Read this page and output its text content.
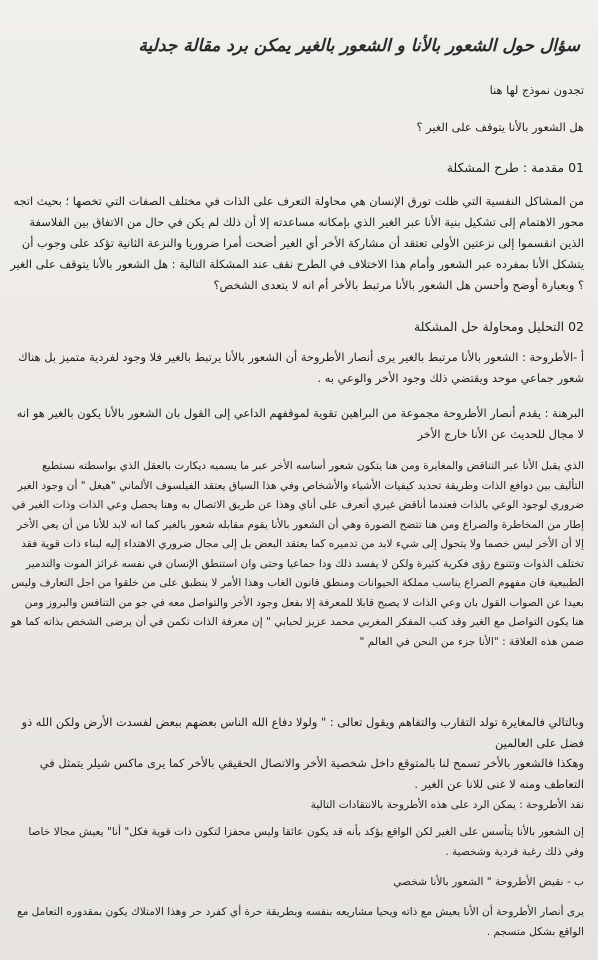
سؤال حول الشعور بالأنا و الشعور بالغير يمكن برد مقالة جدلية

تجدون نموذج لها هنا

هل الشعور بالأنا يتوقف على الغير ؟

01 مقدمة : طرح المشكلة

من المشاكل النفسية التي ظلت تورق الإنسان هي محاولة التعرف على الذات في مختلف الصفات التي تخصها ؛ بحيث اتجه محور الاهتمام إلى تشكيل بنية الأنا عبر الغير الذي بإمكانه مساعدته إلا أن ذلك لم يكن في حال من الاتفاق بين الفلاسفة الذين انقسموا إلى نزعتين الأولى تعتقد أن مشاركة الأخر أي الغير أضحت أمرا ضروريا والنزعة الثانية تؤكد على وجوب أن يتشكل الأنا بمفرده عبر الشعور وأمام هذا الاختلاف في الطرح نقف عند المشكلة التالية : هل الشعور بالأنا يتوقف على الغير ؟ وبعبارة أوضح وأحسن هل الشعور بالأنا مرتبط بالأخر أم انه لا يتعدى الشخص؟

02 التحليل ومحاولة حل المشكلة

أ -الأطروحة : الشعور بالأنا مرتبط بالغير يرى أنصار الأطروحة أن الشعور بالأنا يرتبط بالغير فلا وجود لفردية متميز بل هناك شعور جماعي موحد ويقتضي ذلك وجود الأخر والوعي به .

البرهنة : يقدم أنصار الأطروحة مجموعة من البراهين تقوية لموقفهم الداعي إلى القول بان الشعور بالأنا يكون بالغير هو انه لا مجال للحديث عن الأنا خارج الأخر

الذي يقبل الأنا عبر التناقض والمغايرة ومن هنا يتكون شعور أساسه الأخر عبر ما يسميه ديكارت بالعقل الذي بواسطته نستطيع التأليف بين دوافع الذات وطريقة تحديد كيفيات الأشياء والأشخاص وفي هذا السياق يعتقد الفيلسوف الألماني "هيغل " أن وجود الغير ضروري لوجود الوعي بالذات فعندما أناقض غيري أتعرف على أناي وهذا عن طريق الاتصال به وهنا يحصل وعي الذات وذات الغير في إطار من المخاطرة والصراع ومن هنا تتضح الصورة وهي أن الشعور بالأنا يقوم مقابله شعور بالغير كما انه لابد للأنا من أن يعي الأخر إلا أن الأخر ليس خصما ولا يتحول إلى شيء لابد من تدميره كما يعتقد البعض بل إلى مجال ضروري الاهتداء إليه لبناء ذات قوية فقد تختلف الذوات وتتنوع رؤى فكرية كثيرة ولكن لا يفسد ذلك ودا جماعيا وحتى وان استنطق الإنسان في نفسه غرائز الموت والتدمير الطبيعية فان مفهوم الصراع يناسب مملكة الحيوانات ومنطق قانون الغاب وهذا الأمر لا ينطبق على من خلقوا من اجل التعارف وليس بعيدا عن الصواب القول بان وعي الذات لا يصبح قابلا للمعرفة إلا بفعل وجود الأخر والتواصل معه في جو من التنافس والبروز ومن هنا يكون التواصل مع الغير وقد كتب المفكر المغربي محمد عزيز لحبابي " إن معرفة الذات تكمن في أن يرضى الشخص بذاته كما هو ضمن هذه العلاقة : "الأنا جزء من النحن في العالم "

وبالتالي فالمغايرة تولد التقارب والتفاهم ويقول تعالى : " ولولا دفاع الله الناس بعضهم ببعض لفسدت الأرض ولكن الله ذو فضل على العالمين

وهكذا فالشعور بالأخر تسمح لنا بالمتوقع داخل شخصية الأخر والاتصال الحقيقي بالأخر كما يرى ماكس شيلر يتمثل في التعاطف ومنه لا غنى للانا عن الغير .

نقد الأطروحة : يمكن الرد على هذه الأطروحة بالانتقادات التالية

إن الشعور بالأنا يتأسس على الغير لكن الواقع يؤكد بأنه قد يكون عائقا وليس محفزا لتكون ذات قوية فكل" أنا" يعيش مجالا خاصا وفي ذلك رغبة فردية وشخصية .

ب - نقيض الأطروحة " الشعور بالأنا شخصي

يرى أنصار الأطروحة أن الأنا يعيش مع ذاته ويحيا مشاريعه بنفسه وبطريقة حرة أي كفرد حر وهذا الامتلاك يكون بمقدوره التعامل مع الواقع بشكل متسجم .
